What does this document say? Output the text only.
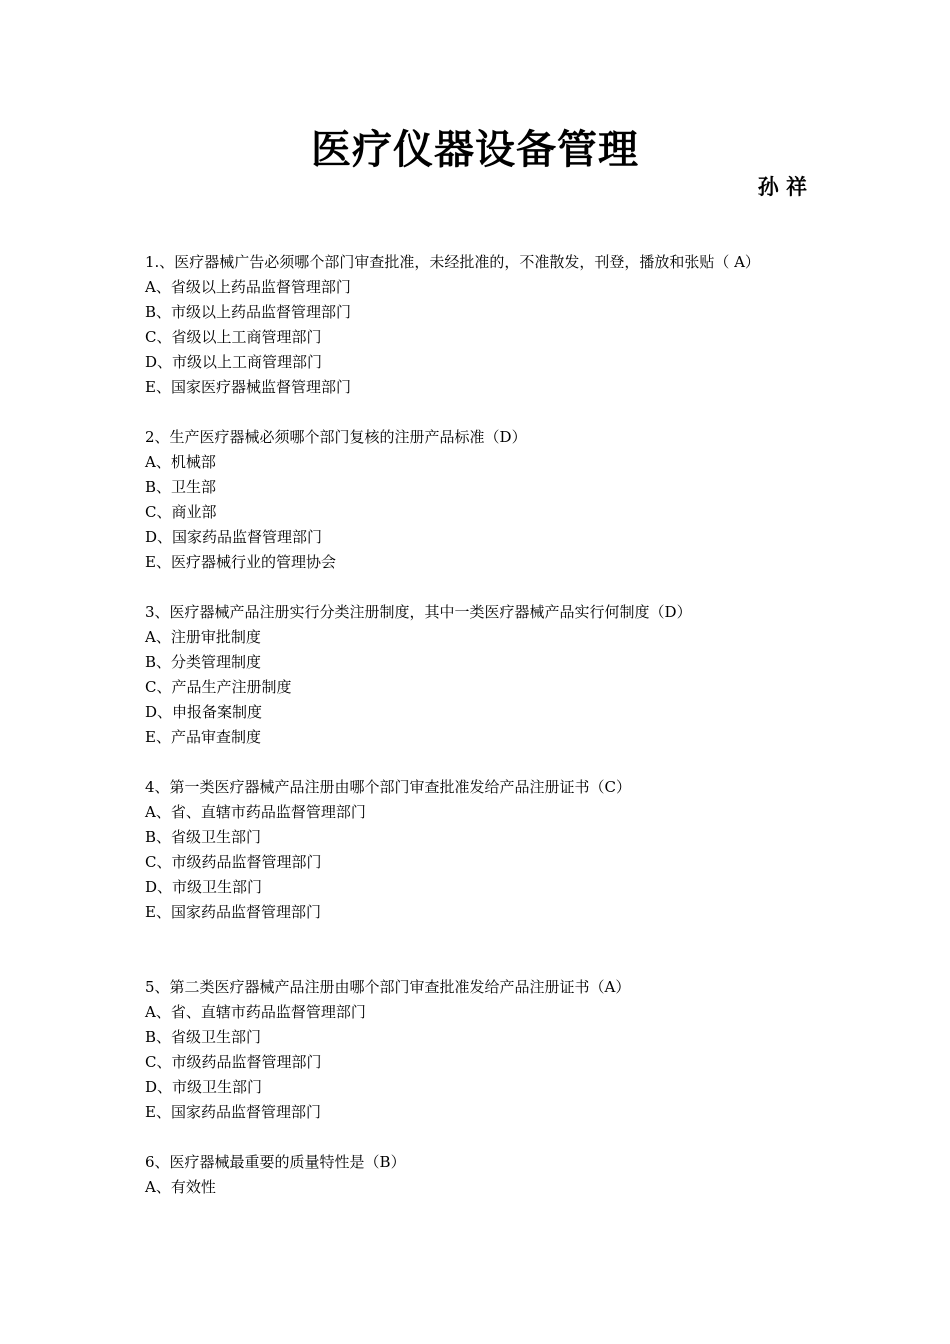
医疗仪器设备管理
孙 祥
1.、医疗器械广告必须哪个部门审查批准，未经批准的，不准散发，刊登，播放和张贴（ A）
A、省级以上药品监督管理部门
B、市级以上药品监督管理部门
C、省级以上工商管理部门
D、市级以上工商管理部门
E、国家医疗器械监督管理部门
2、生产医疗器械必须哪个部门复核的注册产品标准（D）
A、机械部
B、卫生部
C、商业部
D、国家药品监督管理部门
E、医疗器械行业的管理协会
3、医疗器械产品注册实行分类注册制度，其中一类医疗器械产品实行何制度（D）
A、注册审批制度
B、分类管理制度
C、产品生产注册制度
D、申报备案制度
E、产品审查制度
4、第一类医疗器械产品注册由哪个部门审查批准发给产品注册证书（C）
A、省、直辖市药品监督管理部门
B、省级卫生部门
C、市级药品监督管理部门
D、市级卫生部门
E、国家药品监督管理部门
5、第二类医疗器械产品注册由哪个部门审查批准发给产品注册证书（A）
A、省、直辖市药品监督管理部门
B、省级卫生部门
C、市级药品监督管理部门
D、市级卫生部门
E、国家药品监督管理部门
6、医疗器械最重要的质量特性是（B）
A、有效性
